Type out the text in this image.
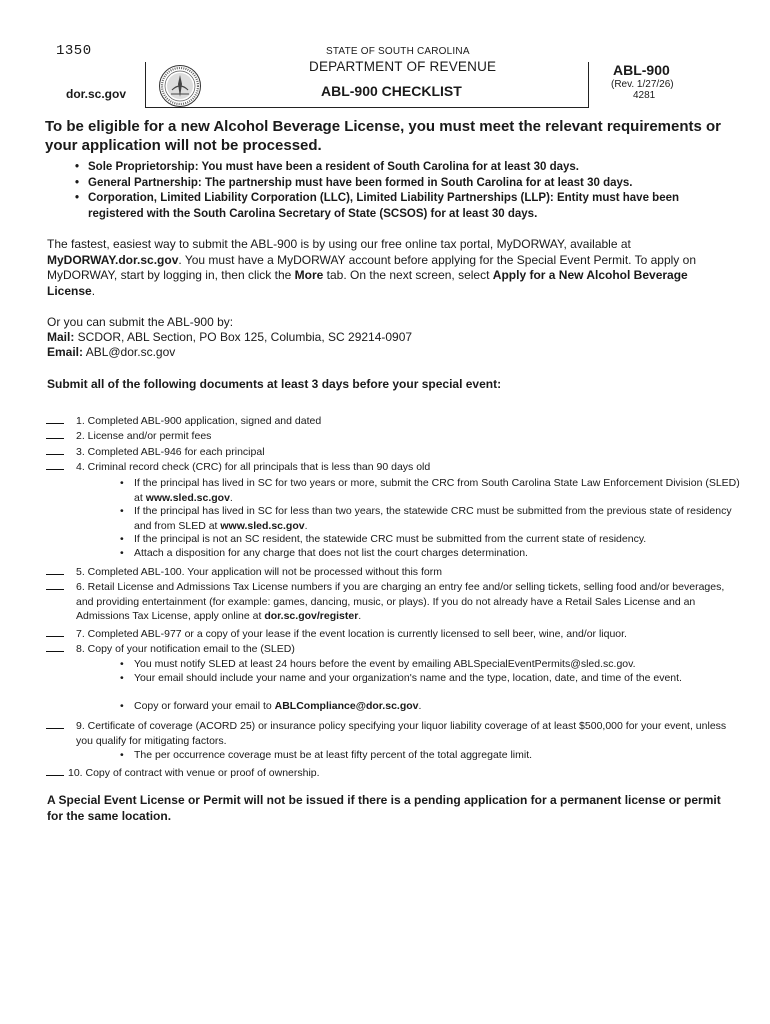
1350
dor.sc.gov
STATE OF SOUTH CAROLINA
DEPARTMENT OF REVENUE
ABL-900 CHECKLIST
ABL-900
(Rev. 1/27/26)
4281
To be eligible for a new Alcohol Beverage License, you must meet the relevant requirements or your application will not be processed.
• Sole Proprietorship: You must have been a resident of South Carolina for at least 30 days.
• General Partnership: The partnership must have been formed in South Carolina for at least 30 days.
• Corporation, Limited Liability Corporation (LLC), Limited Liability Partnerships (LLP): Entity must have been registered with the South Carolina Secretary of State (SCSOS) for at least 30 days.
The fastest, easiest way to submit the ABL-900 is by using our free online tax portal, MyDORWAY, available at MyDORWAY.dor.sc.gov. You must have a MyDORWAY account before applying for the Special Event Permit. To apply on MyDORWAY, start by logging in, then click the More tab. On the next screen, select Apply for a New Alcohol Beverage License.
Or you can submit the ABL-900 by:
Mail: SCDOR, ABL Section, PO Box 125, Columbia, SC 29214-0907
Email: ABL@dor.sc.gov
Submit all of the following documents at least 3 days before your special event:
1. Completed ABL-900 application, signed and dated
2. License and/or permit fees
3. Completed ABL-946 for each principal
4. Criminal record check (CRC) for all principals that is less than 90 days old
• If the principal has lived in SC for two years or more, submit the CRC from South Carolina State Law Enforcement Division (SLED) at www.sled.sc.gov.
• If the principal has lived in SC for less than two years, the statewide CRC must be submitted from the previous state of residency and from SLED at www.sled.sc.gov.
• If the principal is not an SC resident, the statewide CRC must be submitted from the current state of residency.
• Attach a disposition for any charge that does not list the court charges determination.
5. Completed ABL-100. Your application will not be processed without this form
6. Retail License and Admissions Tax License numbers if you are charging an entry fee and/or selling tickets, selling food and/or beverages, and providing entertainment (for example: games, dancing, music, or plays). If you do not already have a Retail Sales License and an Admissions Tax License, apply online at dor.sc.gov/register.
7. Completed ABL-977 or a copy of your lease if the event location is currently licensed to sell beer, wine, and/or liquor.
8. Copy of your notification email to the (SLED)
• You must notify SLED at least 24 hours before the event by emailing ABLSpecialEventPermits@sled.sc.gov.
• Your email should include your name and your organization's name and the type, location, date, and time of the event.
• Copy or forward your email to ABLCompliance@dor.sc.gov.
9. Certificate of coverage (ACORD 25) or insurance policy specifying your liquor liability coverage of at least $500,000 for your event, unless you qualify for mitigating factors.
• The per occurrence coverage must be at least fifty percent of the total aggregate limit.
10. Copy of contract with venue or proof of ownership.
A Special Event License or Permit will not be issued if there is a pending application for a permanent license or permit for the same location.
